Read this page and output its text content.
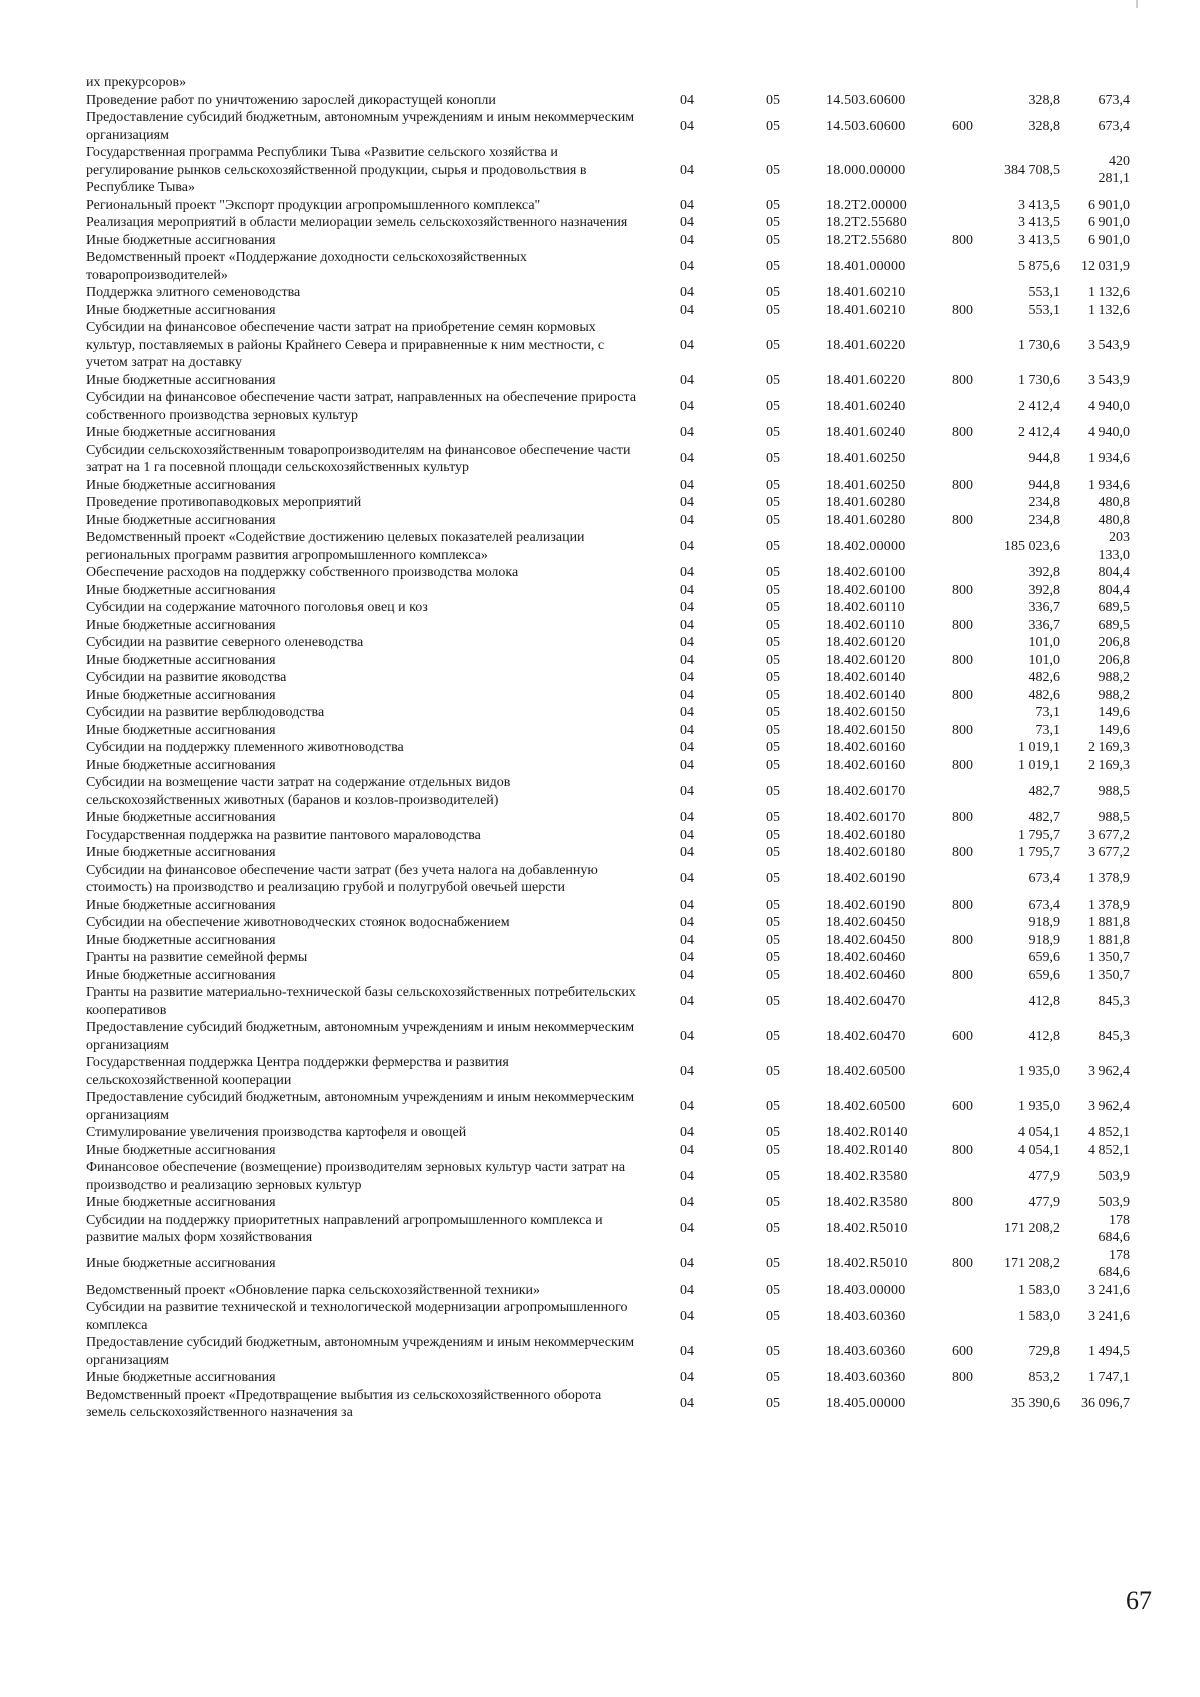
их прекурсоров»						
Проведение работ по уничтожению зарослей дикорастущей конопли	04	05	14.503.60600		328,8	673,4
Предоставление субсидий бюджетным, автономным учреждениям и иным некоммерческим организациям	04	05	14.503.60600	600	328,8	673,4
Государственная программа Республики Тыва «Развитие сельского хозяйства и регулирование рынков сельскохозяйственной продукции, сырья и продовольствия в Республике Тыва»	04	05	18.000.00000		384 708,5	420 281,1
Региональный проект "Экспорт продукции агропромышленного комплекса"	04	05	18.2Т2.00000		3 413,5	6 901,0
Реализация мероприятий в области мелиорации земель сельскохозяйственного назначения	04	05	18.2Т2.55680		3 413,5	6 901,0
Иные бюджетные ассигнования	04	05	18.2Т2.55680	800	3 413,5	6 901,0
Ведомственный проект «Поддержание доходности сельскохозяйственных товаропроизводителей»	04	05	18.401.00000		5 875,6	12 031,9
Поддержка элитного семеноводства	04	05	18.401.60210		553,1	1 132,6
Иные бюджетные ассигнования	04	05	18.401.60210	800	553,1	1 132,6
Субсидии на финансовое обеспечение части затрат на приобретение семян кормовых культур, поставляемых в районы Крайнего Севера и приравненные к ним местности, с учетом затрат на доставку	04	05	18.401.60220		1 730,6	3 543,9
Иные бюджетные ассигнования	04	05	18.401.60220	800	1 730,6	3 543,9
Субсидии на финансовое обеспечение части затрат, направленных на обеспечение прироста собственного производства зерновых культур	04	05	18.401.60240		2 412,4	4 940,0
Иные бюджетные ассигнования	04	05	18.401.60240	800	2 412,4	4 940,0
Субсидии сельскохозяйственным товаропроизводителям на финансовое обеспечение части затрат на 1 га посевной площади сельскохозяйственных культур	04	05	18.401.60250		944,8	1 934,6
Иные бюджетные ассигнования	04	05	18.401.60250	800	944,8	1 934,6
Проведение противопаводковых мероприятий	04	05	18.401.60280		234,8	480,8
Иные бюджетные ассигнования	04	05	18.401.60280	800	234,8	480,8
Ведомственный проект «Содействие достижению целевых показателей реализации региональных программ развития агропромышленного комплекса»	04	05	18.402.00000		185 023,6	203 133,0
Обеспечение расходов на поддержку собственного производства молока	04	05	18.402.60100		392,8	804,4
Иные бюджетные ассигнования	04	05	18.402.60100	800	392,8	804,4
Субсидии на содержание маточного поголовья овец и коз	04	05	18.402.60110		336,7	689,5
Иные бюджетные ассигнования	04	05	18.402.60110	800	336,7	689,5
Субсидии на развитие северного оленеводства	04	05	18.402.60120		101,0	206,8
Иные бюджетные ассигнования	04	05	18.402.60120	800	101,0	206,8
Субсидии на развитие яководства	04	05	18.402.60140		482,6	988,2
Иные бюджетные ассигнования	04	05	18.402.60140	800	482,6	988,2
Субсидии на развитие верблюдоводства	04	05	18.402.60150		73,1	149,6
Иные бюджетные ассигнования	04	05	18.402.60150	800	73,1	149,6
Субсидии на поддержку племенного животноводства	04	05	18.402.60160		1 019,1	2 169,3
Иные бюджетные ассигнования	04	05	18.402.60160	800	1 019,1	2 169,3
Субсидии на возмещение части затрат на содержание отдельных видов сельскохозяйственных животных (баранов и козлов-производителей)	04	05	18.402.60170		482,7	988,5
Иные бюджетные ассигнования	04	05	18.402.60170	800	482,7	988,5
Государственная поддержка на развитие пантового мараловодства	04	05	18.402.60180		1 795,7	3 677,2
Иные бюджетные ассигнования	04	05	18.402.60180	800	1 795,7	3 677,2
Субсидии на финансовое обеспечение части затрат (без учета налога на добавленную стоимость) на производство и реализацию грубой и полугрубой овечьей шерсти	04	05	18.402.60190		673,4	1 378,9
Иные бюджетные ассигнования	04	05	18.402.60190	800	673,4	1 378,9
Субсидии на обеспечение животноводческих стоянок водоснабжением	04	05	18.402.60450		918,9	1 881,8
Иные бюджетные ассигнования	04	05	18.402.60450	800	918,9	1 881,8
Гранты на развитие семейной фермы	04	05	18.402.60460		659,6	1 350,7
Иные бюджетные ассигнования	04	05	18.402.60460	800	659,6	1 350,7
Гранты на развитие материально-технической базы сельскохозяйственных потребительских кооперативов	04	05	18.402.60470		412,8	845,3
Предоставление субсидий бюджетным, автономным учреждениям и иным некоммерческим организациям	04	05	18.402.60470	600	412,8	845,3
Государственная поддержка Центра поддержки фермерства и развития сельскохозяйственной кооперации	04	05	18.402.60500		1 935,0	3 962,4
Предоставление субсидий бюджетным, автономным учреждениям и иным некоммерческим организациям	04	05	18.402.60500	600	1 935,0	3 962,4
Стимулирование увеличения производства картофеля и овощей	04	05	18.402.R0140		4 054,1	4 852,1
Иные бюджетные ассигнования	04	05	18.402.R0140	800	4 054,1	4 852,1
Финансовое обеспечение (возмещение) производителям зерновых культур части затрат на производство и реализацию зерновых культур	04	05	18.402.R3580		477,9	503,9
Иные бюджетные ассигнования	04	05	18.402.R3580	800	477,9	503,9
Субсидии на поддержку приоритетных направлений агропромышленного комплекса и развитие малых форм хозяйствования	04	05	18.402.R5010		171 208,2	178 684,6
Иные бюджетные ассигнования	04	05	18.402.R5010	800	171 208,2	178 684,6
Ведомственный проект «Обновление парка сельскохозяйственной техники»	04	05	18.403.00000		1 583,0	3 241,6
Субсидии на развитие технической и технологической модернизации агропромышленного комплекса	04	05	18.403.60360		1 583,0	3 241,6
Предоставление субсидий бюджетным, автономным учреждениям и иным некоммерческим организациям	04	05	18.403.60360	600	729,8	1 494,5
Иные бюджетные ассигнования	04	05	18.403.60360	800	853,2	1 747,1
Ведомственный проект «Предотвращение выбытия из сельскохозяйственного оборота земель сельскохозяйственного назначения за	04	05	18.405.00000		35 390,6	36 096,7
67
